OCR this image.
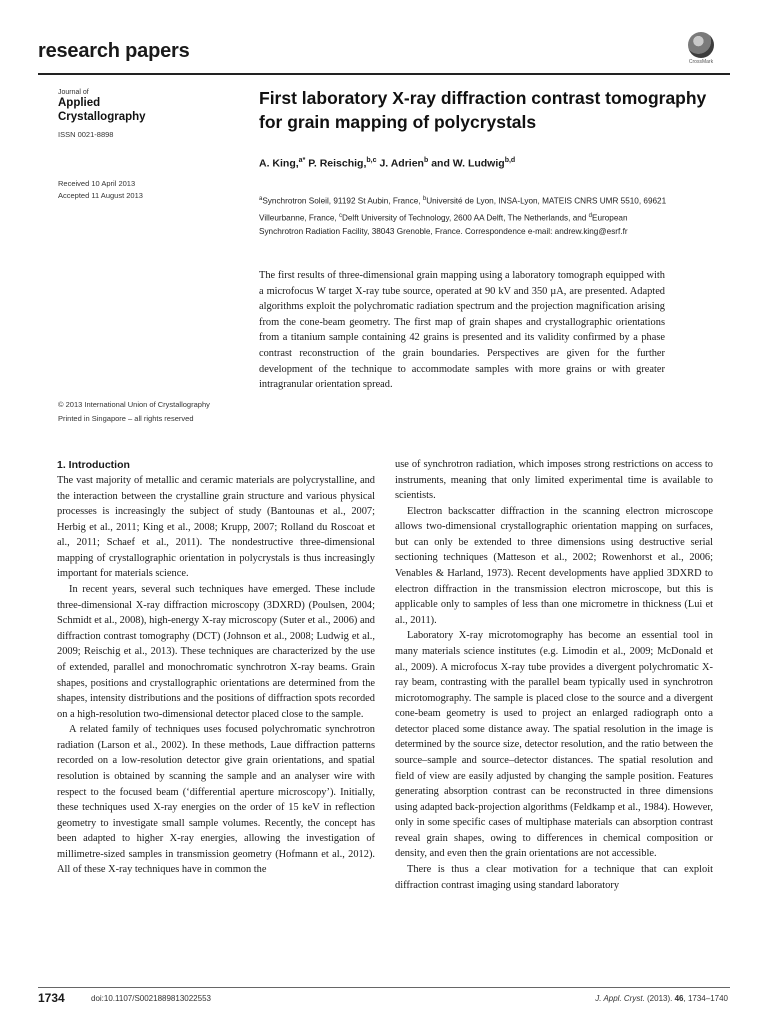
research papers	CrossMark
Journal of
Applied
Crystallography
ISSN 0021-8898
Received 10 April 2013
Accepted 11 August 2013
© 2013 International Union of Crystallography
Printed in Singapore – all rights reserved
First laboratory X-ray diffraction contrast tomography for grain mapping of polycrystals
A. King,$^{a*}$ P. Reischig,$^{b,c}$ J. Adrien$^b$ and W. Ludwig$^{b,d}$
$^a$Synchrotron Soleil, 91192 St Aubin, France, $^b$Université de Lyon, INSA-Lyon, MATEIS CNRS UMR 5510, 69621 Villeurbanne, France, $^c$Delft University of Technology, 2600 AA Delft, The Netherlands, and $^d$European Synchrotron Radiation Facility, 38043 Grenoble, France. Correspondence e-mail: andrew.king@esrf.fr
The first results of three-dimensional grain mapping using a laboratory tomograph equipped with a microfocus W target X-ray tube source, operated at 90 kV and 350 µA, are presented. Adapted algorithms exploit the polychromatic radiation spectrum and the projection magnification arising from the cone-beam geometry. The first map of grain shapes and crystallographic orientations from a titanium sample containing 42 grains is presented and its validity confirmed by a phase contrast reconstruction of the grain boundaries. Perspectives are given for the further development of the technique to accommodate samples with more grains or with greater intragranular orientation spread.
1. Introduction

The vast majority of metallic and ceramic materials are polycrystalline, and the interaction between the crystalline grain structure and various physical processes is increasingly the subject of study (Bantounas et al., 2007; Herbig et al., 2011; King et al., 2008; Krupp, 2007; Rolland du Roscoat et al., 2011; Schaef et al., 2011). The nondestructive three-dimensional mapping of crystallographic orientation in polycrystals is thus increasingly important for materials science.

In recent years, several such techniques have emerged. These include three-dimensional X-ray diffraction microscopy (3DXRD) (Poulsen, 2004; Schmidt et al., 2008), high-energy X-ray microscopy (Suter et al., 2006) and diffraction contrast tomography (DCT) (Johnson et al., 2008; Ludwig et al., 2009; Reischig et al., 2013). These techniques are characterized by the use of extended, parallel and monochromatic synchrotron X-ray beams. Grain shapes, positions and crystallographic orientations are determined from the shapes, intensity distributions and the positions of diffraction spots recorded on a high-resolution two-dimensional detector placed close to the sample.

A related family of techniques uses focused polychromatic synchrotron radiation (Larson et al., 2002). In these methods, Laue diffraction patterns recorded on a low-resolution detector give grain orientations, and spatial resolution is obtained by scanning the sample and an analyser wire with respect to the focused beam (‘differential aperture microscopy’). Initially, these techniques used X-ray energies on the order of 15 keV in reflection geometry to investigate small sample volumes. Recently, the concept has been adapted to higher X-ray energies, allowing the investigation of millimetre-sized samples in transmission geometry (Hofmann et al., 2012). All of these X-ray techniques have in common the

use of synchrotron radiation, which imposes strong restrictions on access to instruments, meaning that only limited experimental time is available to scientists.

Electron backscatter diffraction in the scanning electron microscope allows two-dimensional crystallographic orientation mapping on surfaces, but can only be extended to three dimensions using destructive serial sectioning techniques (Matteson et al., 2002; Rowenhorst et al., 2006; Venables & Harland, 1973). Recent developments have applied 3DXRD to electron diffraction in the transmission electron microscope, but this is applicable only to samples of less than one micrometre in thickness (Lui et al., 2011).

Laboratory X-ray microtomography has become an essential tool in many materials science institutes (e.g. Limodin et al., 2009; McDonald et al., 2009). A microfocus X-ray tube provides a divergent polychromatic X-ray beam, contrasting with the parallel beam typically used in synchrotron microtomography. The sample is placed close to the source and a divergent cone-beam geometry is used to project an enlarged radiograph onto a detector placed some distance away. The spatial resolution in the image is determined by the source size, detector resolution, and the ratio between the source–sample and source–detector distances. The spatial resolution and field of view are easily adjusted by changing the sample position. Features generating absorption contrast can be reconstructed in three dimensions using adapted back-projection algorithms (Feldkamp et al., 1984). However, only in some specific cases of multiphase materials can absorption contrast reveal grain shapes, owing to differences in chemical composition or density, and even then the grain orientations are not accessible.

There is thus a clear motivation for a technique that can exploit diffraction contrast imaging using standard laboratory

1734	doi:10.1107/S0021889813022553	J. Appl. Cryst. (2013). 46, 1734–1740
